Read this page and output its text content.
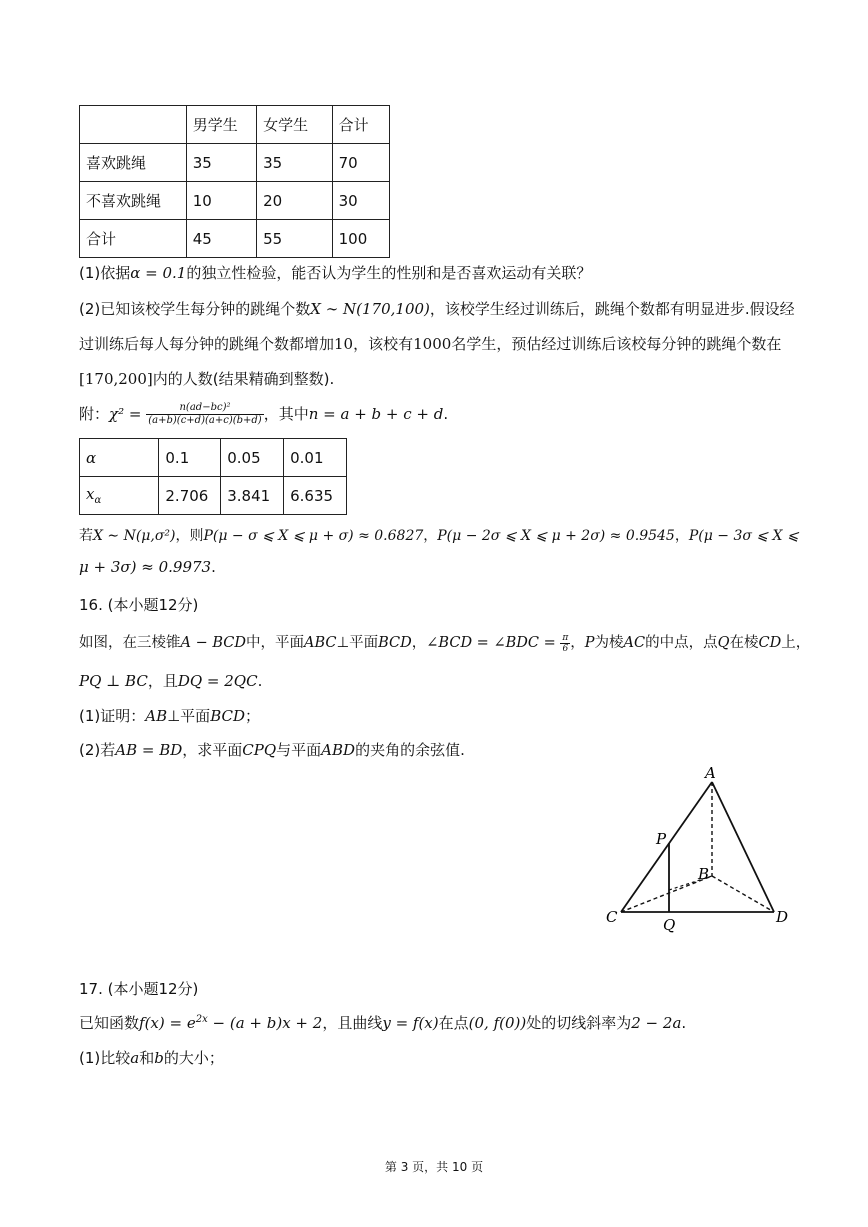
	男学生	女学生	合计
喜欢跳绳	35	35	70
不喜欢跳绳	10	20	30
合计	45	55	100
(1)依据α = 0.1的独立性检验，能否认为学生的性别和是否喜欢运动有关联？
(2)已知该校学生每分钟的跳绳个数X ∼ N(170,100)，该校学生经过训练后，跳绳个数都有明显进步.假设经
过训练后每人每分钟的跳绳个数都增加10，该校有1000名学生，预估经过训练后该校每分钟的跳绳个数在
[170,200]内的人数(结果精确到整数).
附：$\chi^2 = \frac{\text{n(ad−bc)²}}{(a+b)(c+d)(a+c)(b+d)}$ ，其中n = a + b + c + d.
α	0.1	0.05	0.01
$x_\alpha$	2.706	3.841	6.635
若X ∼ N(μ,σ²)，则P(μ − σ ⩽ X ⩽ μ + σ) ≈ 0.6827，P(μ − 2σ ⩽ X ⩽ μ + 2σ) ≈ 0.9545，P(μ − 3σ ⩽ X ⩽
μ + 3σ) ≈ 0.9973.
16. (本小题12分)
如图，在三棱锥A − BCD中，平面ABC⊥平面BCD，∠BCD = ∠BDC = $\frac{\pi}{6}$ ，P为棱AC的中点，点Q在棱CD上，
PQ ⊥ BC，且DQ = 2QC.
(1)证明：AB⊥平面BCD；
(2)若AB = BD，求平面CPQ与平面ABD的夹角的余弦值.
A
P
B
C	Q	D
17. (本小题12分)
已知函数$f(x) = e^{2x} - (a + b)x + 2$，且曲线y = f(x)在点(0, f(0))处的切线斜率为2 − 2a.
(1)比较a和b的大小；
第 3 页，共 10 页
